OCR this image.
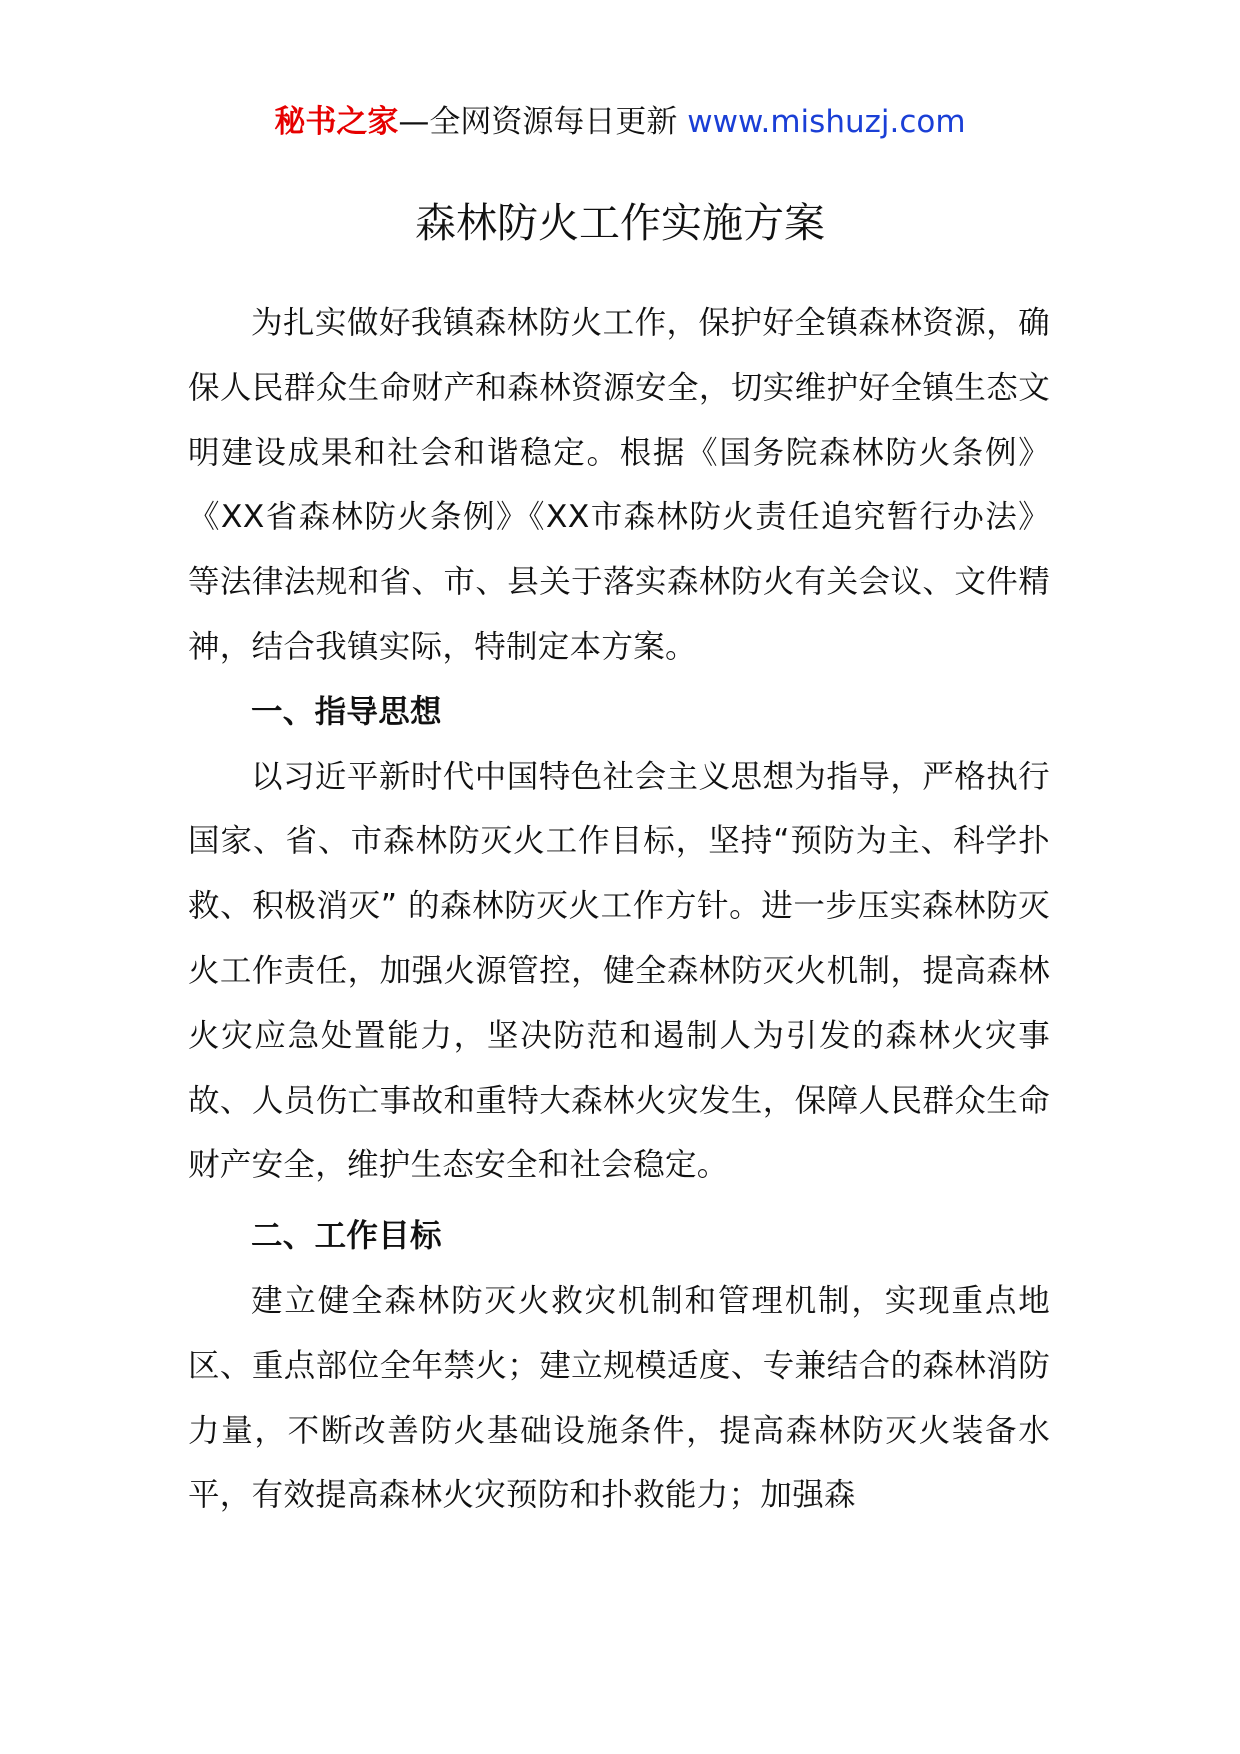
秘书之家—全网资源每日更新 www.mishuzj.com
森林防火工作实施方案

为扎实做好我镇森林防火工作，保护好全镇森林资源，确保人民群众生命财产和森林资源安全，切实维护好全镇生态文明建设成果和社会和谐稳定。根据《国务院森林防火条例》《XX省森林防火条例》《XX市森林防火责任追究暂行办法》等法律法规和省、市、县关于落实森林防火有关会议、文件精神，结合我镇实际，特制定本方案。

一、指导思想

以习近平新时代中国特色社会主义思想为指导，严格执行国家、省、市森林防灭火工作目标，坚持“预防为主、科学扑救、积极消灭” 的森林防灭火工作方针。进一步压实森林防灭火工作责任，加强火源管控，健全森林防灭火机制，提高森林火灾应急处置能力，坚决防范和遏制人为引发的森林火灾事故、人员伤亡事故和重特大森林火灾发生，保障人民群众生命财产安全，维护生态安全和社会稳定。

二、工作目标

建立健全森林防灭火救灾机制和管理机制，实现重点地区、重点部位全年禁火；建立规模适度、专兼结合的森林消防力量，不断改善防火基础设施条件，提高森林防灭火装备水平，有效提高森林火灾预防和扑救能力；加强森
